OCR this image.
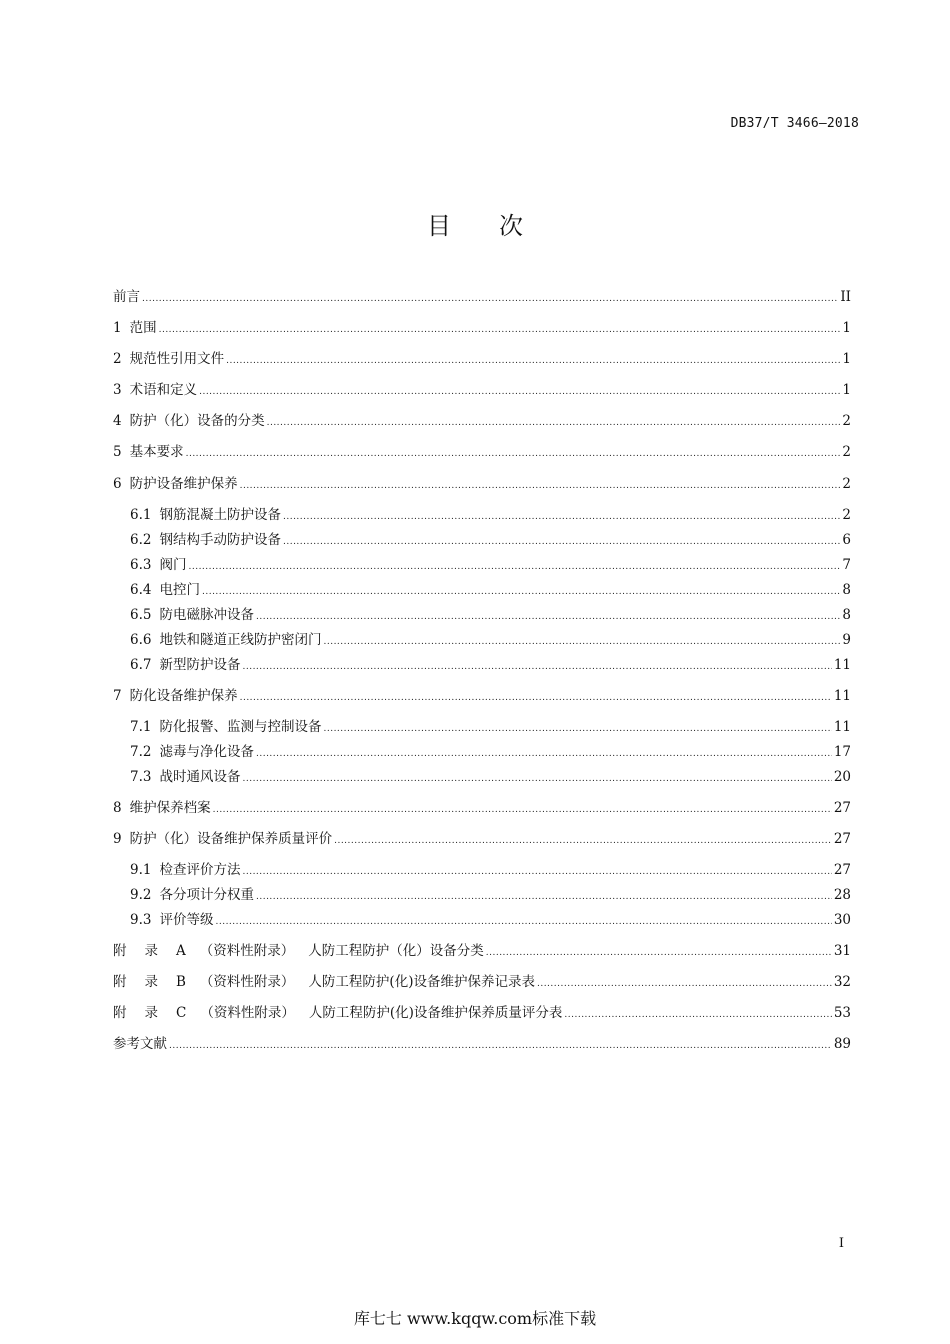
DB37/T 3466—2018
目 次
前言 .....	II
1 范围 .....	1
2 规范性引用文件 .....	1
3 术语和定义 .....	1
4 防护（化）设备的分类 .....	2
5 基本要求 .....	2
6 防护设备维护保养 .....	2
6.1 钢筋混凝土防护设备 .....	2
6.2 钢结构手动防护设备 .....	6
6.3 阀门 .....	7
6.4 电控门 .....	8
6.5 防电磁脉冲设备 .....	8
6.6 地铁和隧道正线防护密闭门 .....	9
6.7 新型防护设备 .....	11
7 防化设备维护保养 .....	11
7.1 防化报警、监测与控制设备 .....	11
7.2 滤毒与净化设备 .....	17
7.3 战时通风设备 .....	20
8 维护保养档案 .....	27
9 防护（化）设备维护保养质量评价 .....	27
9.1 检查评价方法 .....	27
9.2 各分项计分权重 .....	28
9.3 评价等级 .....	30
附 录 A （资料性附录） 人防工程防护（化）设备分类 .....	31
附 录 B （资料性附录） 人防工程防护(化)设备维护保养记录表 .....	32
附 录 C （资料性附录） 人防工程防护(化)设备维护保养质量评分表 .....	53
参考文献 .....	89
I
库七七 www.kqqw.com标准下载
